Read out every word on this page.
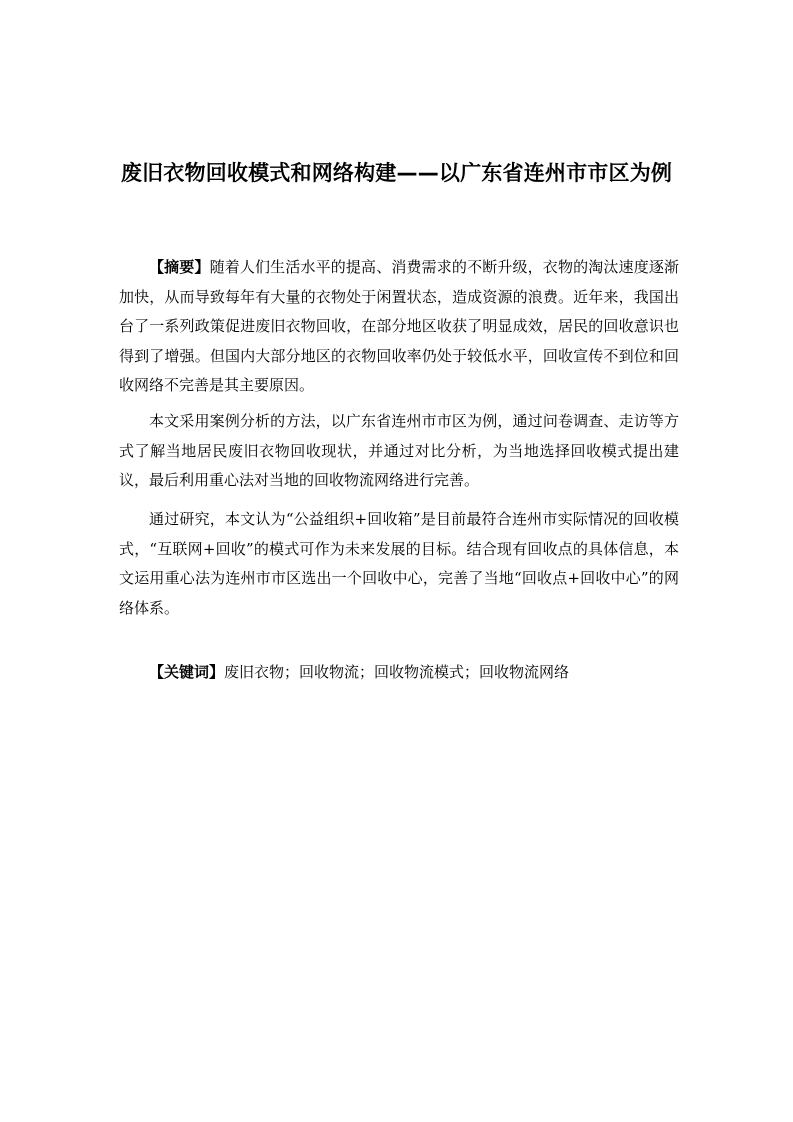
废旧衣物回收模式和网络构建——以广东省连州市市区为例

【摘要】随着人们生活水平的提高、消费需求的不断升级，衣物的淘汰速度逐渐加快，从而导致每年有大量的衣物处于闲置状态，造成资源的浪费。近年来，我国出台了一系列政策促进废旧衣物回收，在部分地区收获了明显成效，居民的回收意识也得到了增强。但国内大部分地区的衣物回收率仍处于较低水平，回收宣传不到位和回收网络不完善是其主要原因。

本文采用案例分析的方法，以广东省连州市市区为例，通过问卷调查、走访等方式了解当地居民废旧衣物回收现状，并通过对比分析，为当地选择回收模式提出建议，最后利用重心法对当地的回收物流网络进行完善。

通过研究，本文认为“公益组织+回收箱”是目前最符合连州市实际情况的回收模式，“互联网+回收”的模式可作为未来发展的目标。结合现有回收点的具体信息，本文运用重心法为连州市市区选出一个回收中心，完善了当地“回收点+回收中心”的网络体系。

【关键词】废旧衣物；回收物流；回收物流模式；回收物流网络
